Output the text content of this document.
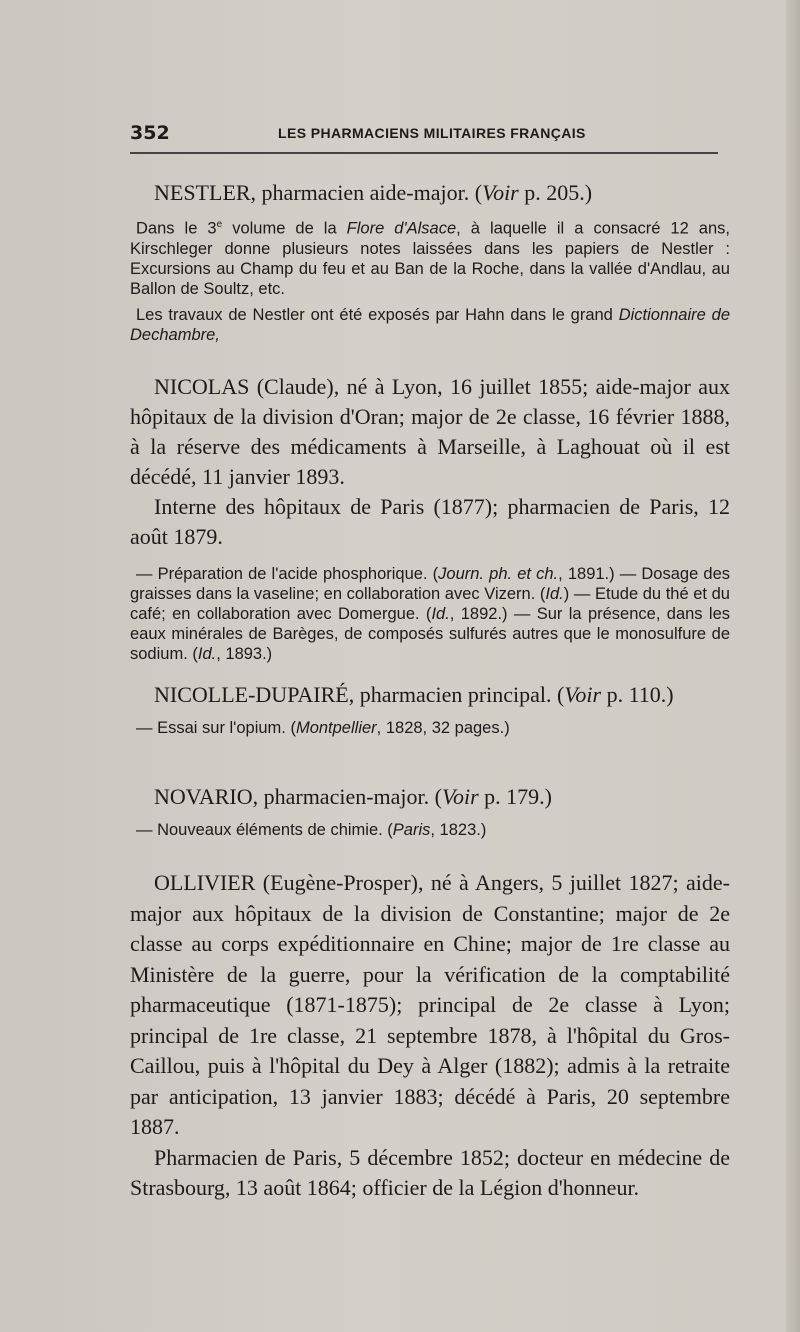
352	LES PHARMACIENS MILITAIRES FRANÇAIS

NESTLER, pharmacien aide-major. (Voir p. 205.)

Dans le 3e volume de la Flore d'Alsace, à laquelle il a consacré 12 ans, Kirschleger donne plusieurs notes laissées dans les papiers de Nestler : Excursions au Champ du feu et au Ban de la Roche, dans la vallée d'Andlau, au Ballon de Soultz, etc.

Les travaux de Nestler ont été exposés par Hahn dans le grand Dictionnaire de Dechambre,

NICOLAS (Claude), né à Lyon, 16 juillet 1855; aide-major aux hôpitaux de la division d'Oran; major de 2e classe, 16 février 1888, à la réserve des médicaments à Marseille, à Laghouat où il est décédé, 11 janvier 1893.

Interne des hôpitaux de Paris (1877); pharmacien de Paris, 12 août 1879.

— Préparation de l'acide phosphorique. (Journ. ph. et ch., 1891.) — Dosage des graisses dans la vaseline; en collaboration avec Vizern. (Id.) — Etude du thé et du café; en collaboration avec Domergue. (Id., 1892.) — Sur la présence, dans les eaux minérales de Barèges, de composés sulfurés autres que le monosulfure de sodium. (Id., 1893.)

NICOLLE-DUPAIRÉ, pharmacien principal. (Voir p. 110.)

— Essai sur l'opium. (Montpellier, 1828, 32 pages.)

NOVARIO, pharmacien-major. (Voir p. 179.)

— Nouveaux éléments de chimie. (Paris, 1823.)

OLLIVIER (Eugène-Prosper), né à Angers, 5 juillet 1827; aide-major aux hôpitaux de la division de Constantine; major de 2e classe au corps expéditionnaire en Chine; major de 1re classe au Ministère de la guerre, pour la vérification de la comptabilité pharmaceutique (1871-1875); principal de 2e classe à Lyon; principal de 1re classe, 21 septembre 1878, à l'hôpital du Gros-Caillou, puis à l'hôpital du Dey à Alger (1882); admis à la retraite par anticipation, 13 janvier 1883; décédé à Paris, 20 septembre 1887.

Pharmacien de Paris, 5 décembre 1852; docteur en médecine de Strasbourg, 13 août 1864; officier de la Légion d'honneur.
